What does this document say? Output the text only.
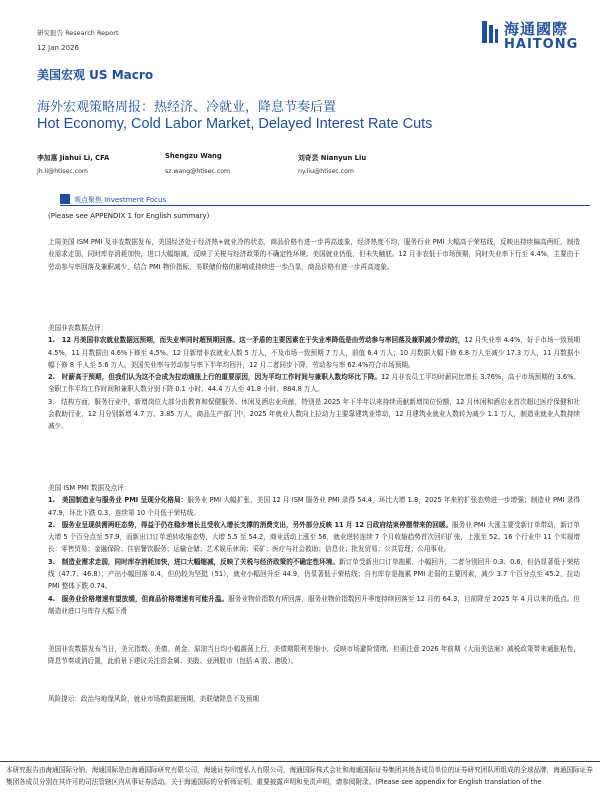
研究报告 Research Report
12 Jan 2026
海通國際
HAITONG
美国宏观 US Macro
海外宏观策略周报：热经济、冷就业，降息节奏后置
Hot Economy, Cold Labor Market, Delayed Interest Rate Cuts
李加惠 Jiahui Li, CFA
jh.li@htisec.com
Shengzu Wang
sz.wang@htisec.com
刘奇芸 Nianyun Liu
ny.liu@htisec.com
观点聚焦 Investment Focus
(Please see APPENDIX 1 for English summary)
上周美国 ISM PMI 及非农数据发布，美国经济处于经济热+就业冷的状态，商品价格有进一步再高迹象，经济热度不均，服务行业 PMI 大幅高于荣枯线，反映出持续偏高两旺，制造业需求走弱，同时库存消耗加快，进口大幅缩减，反映了关税与经济政策的不确定性环境。美国就业仍低，但未失触底。12 月非农低于市场预期，同时失业率下行至 4.4%，主要由于劳动参与率回落及兼职减少，结合 PMI 物价指标，美联储价格的影响或持续进一步凸显，商品价格有进一步再高迹象。
美国非农数据点评：
1.　12 月美国非农就业数据远预期，而失业率同时超预期回落。这一矛盾的主要因素在于失业率降低是由劳动参与率回落及兼职减少带动的，12 月失业率 4.4%，好于市场一致预期 4.5%，11 月数据由 4.6%下修至 4.5%。12 月新增非农就业人数 5 万人，不及市场一致预期 7 万人，前值 6.4 万人；10 月数据大幅下修 6.8 万人至减少 17.3 万人，11 月数据小幅下修 8 千人至 5.6 万人。美国失业率与劳动参与率下半年均回升，12 月二者同步下降，劳动参与率 62.4%符合市场预期。
2.　时薪高于预期，但我们认为这不会成为拉动通胀上行的重要原因，因为平均工作时间与兼职人数均环比下降。12 月非农员工平均时薪同比增长 3.76%，高于市场预期的 3.6%。全职工作平均工作时间和兼职人数分别下降 0.1 小时、44.4 万人至 41.8 小时、884.8 万人。
3.　结构方面，服务行业中，新增岗位大部分由教育和保健服务、休闲及酒店业贡献，特别是 2025 年下半年以来持续贡献新增岗位份额，12 月休闲和酒店业首次超过医疗保健和社会救助行业，12 月分别新增 4.7 万、3.85 万人，商品生产部门中，2025 年就业人数向上拉动力主要靠建筑业带动，12 月建筑业就业人数转为减少 1.1 万人，制造业就业人数持续减少。
美国 ISM PMI 数据及点评：
1.　美国制造业与服务业 PMI 呈现分化格局：服务业 PMI 大幅扩张，美国 12 月 ISM 服务业 PMI 录得 54.4，环比大增 1.8，2025 年来的扩张态势进一步增强；制造业 PMI 录得 47.9，环比下跌 0.3，连续第 10 个月低于荣枯线。
2.　服务业呈现供需两旺态势，得益于仍在稳步增长且受收入增长支撑的消费支出，另外部分反映 11 月 12 日政府结束停摆带来的回暖。服务业 PMI 大涨主要受新订单带动，新订单大增 5 个百分点至 57.9，而新出口订单逆转收缩态势，大增 5.5 至 54.2，商业活动上涨至 56，就业逆转连续 7 个月收缩趋势首次回归扩张，上涨至 52。16 个行业中 11 个实现增长：零售贸易；金融保险；住宿餐饮服务；运输仓储；艺术娱乐休闲；采矿；医疗与社会救助；信息业；批发贸易；公共管理；公用事业。
3.　制造业需求走弱，同时库存消耗加快，进口大幅缩减，反映了关税与经济政策的不确定性环境。新订单受新出口订单拖累，小幅回升，二者分别回升 0.3、0.6，但仍显著低于荣枯线（47.7、46.8）；产出小幅回落 0.4，但仍较为坚挺（51），就业小幅回升至 44.9，仍显著低于荣枯线；自有库存是拖累 PMI 走弱的主要因素，减少 3.7 个百分点至 45.2，拉动 PMI 整体下跌 0.74。
4.　服务业价格增速有望放缓，但商品价格增速有可能升温。服务业物价指数有所回落，服务业物价指数回升季度持续回落至 12 月的 64.3，目前降至 2025 年 4 月以来的低点。但制造业进口与库存大幅下滑
美国非农数据发布当日，美元指数、美债、黄金、原油当日均小幅震荡上行，美债期限利差缩小，反映市场避险情绪，但需注意 2026 年前期《大而美法案》减税政策带来通胀粘性，降息节奏或消后置，此前景下建议关注资金属、美股、亚洲股市（包括 A 股、港股）。
风险提示：政治与地缘风险，就业市场数据超预期，美联储降息不及预期
本研究报告由海通国际分销，海通国际是由海通国际研究有限公司，海通证券印度私人有限公司，海通国际株式会社和海通国际证券集团其他各成员单位的证券研究团队所组成的全球品牌，海通国际证券集团各成员分别在其许可的司法管辖区内从事证券活动。关于海通国际的分析师证明，重要披露声明和免责声明，请参阅附录。(Please see appendix for English translation of the
